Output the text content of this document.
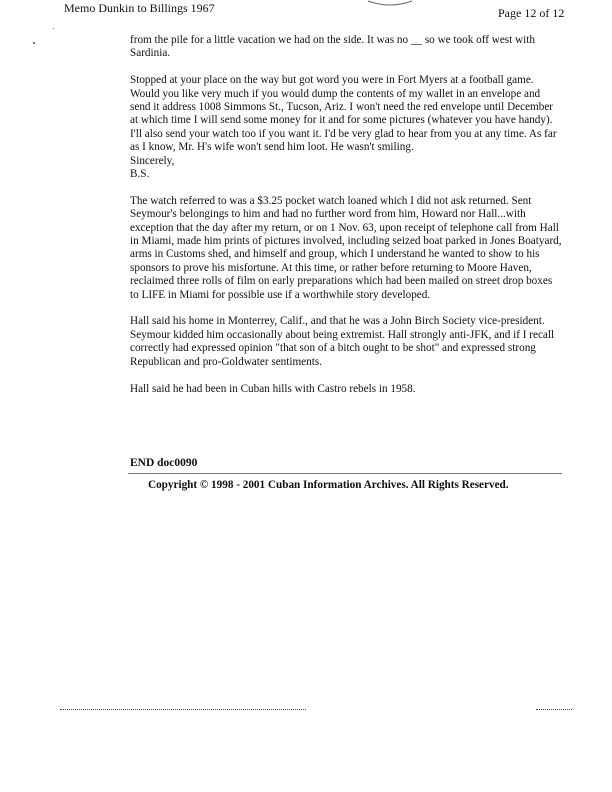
Memo Dunkin to Billings 1967	Page 12 of 12

from the pile for a little vacation we had on the side. It was no __ so we took off west with Sardinia.

Stopped at your place on the way but got word you were in Fort Myers at a football game. Would you like very much if you would dump the contents of my wallet in an envelope and send it address 1008 Simmons St., Tucson, Ariz. I won't need the red envelope until December at which time I will send some money for it and for some pictures (whatever you have handy). I'll also send your watch too if you want it. I'd be very glad to hear from you at any time. As far as I know, Mr. H's wife won't send him loot. He wasn't smiling.

Sincerely,

B.S.

The watch referred to was a $3.25 pocket watch loaned which I did not ask returned. Sent Seymour's belongings to him and had no further word from him, Howard nor Hall...with exception that the day after my return, or on 1 Nov. 63, upon receipt of telephone call from Hall in Miami, made him prints of pictures involved, including seized boat parked in Jones Boatyard, arms in Customs shed, and himself and group, which I understand he wanted to show to his sponsors to prove his misfortune. At this time, or rather before returning to Moore Haven, reclaimed three rolls of film on early preparations which had been mailed on street drop boxes to LIFE in Miami for possible use if a worthwhile story developed.

Hall said his home in Monterrey, Calif., and that he was a John Birch Society vice-president. Seymour kidded him occasionally about being extremist. Hall strongly anti-JFK, and if I recall correctly had expressed opinion "that son of a bitch ought to be shot" and expressed strong Republican and pro-Goldwater sentiments.

Hall said he had been in Cuban hills with Castro rebels in 1958.

END doc0090
Copyright © 1998 - 2001 Cuban Information Archives. All Rights Reserved.
